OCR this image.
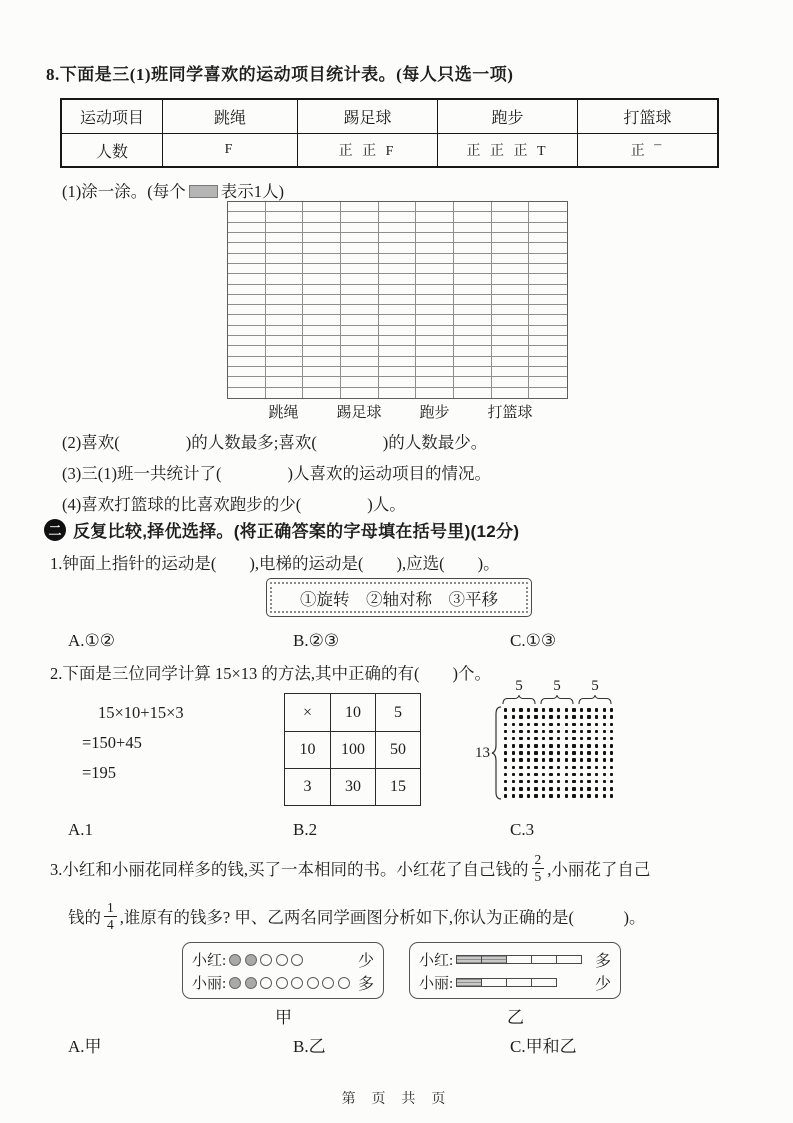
8.下面是三(1)班同学喜欢的运动项目统计表。(每人只选一项)
运动项目	跳绳	踢足球	跑步	打篮球
人数	F	正 正 F	正 正 正 T	正 ¯
(1)涂一涂。(每个 表示1人)
跳绳	踢足球	跑步	打篮球
(2)喜欢(　　　　)的人数最多;喜欢(　　　　)的人数最少。
(3)三(1)班一共统计了(　　　　)人喜欢的运动项目的情况。
(4)喜欢打篮球的比喜欢跑步的少(　　　　)人。
二 反复比较,择优选择。(将正确答案的字母填在括号里)(12分)
1.钟面上指针的运动是(　　),电梯的运动是(　　),应选(　　)。
①旋转　②轴对称　③平移
A.①②	B.②③	C.①③
2.下面是三位同学计算 15×13 的方法,其中正确的有(　　)个。
15×10+15×3
=150+45
=195
×	10	5
10	100	50
3	30	15
5	5	5
13
A.1	B.2	C.3
3.小红和小丽花同样多的钱,买了一本相同的书。小红花了自己钱的 $\frac{2}{5}$ ,小丽花了自己
钱的 $\frac{1}{4}$ ,谁原有的钱多? 甲、乙两名同学画图分析如下,你认为正确的是(　　　)。
小红:	少
小丽:	多
小红:	多
小丽:	少
甲	乙
A.甲	B.乙	C.甲和乙
第 页 共 页
